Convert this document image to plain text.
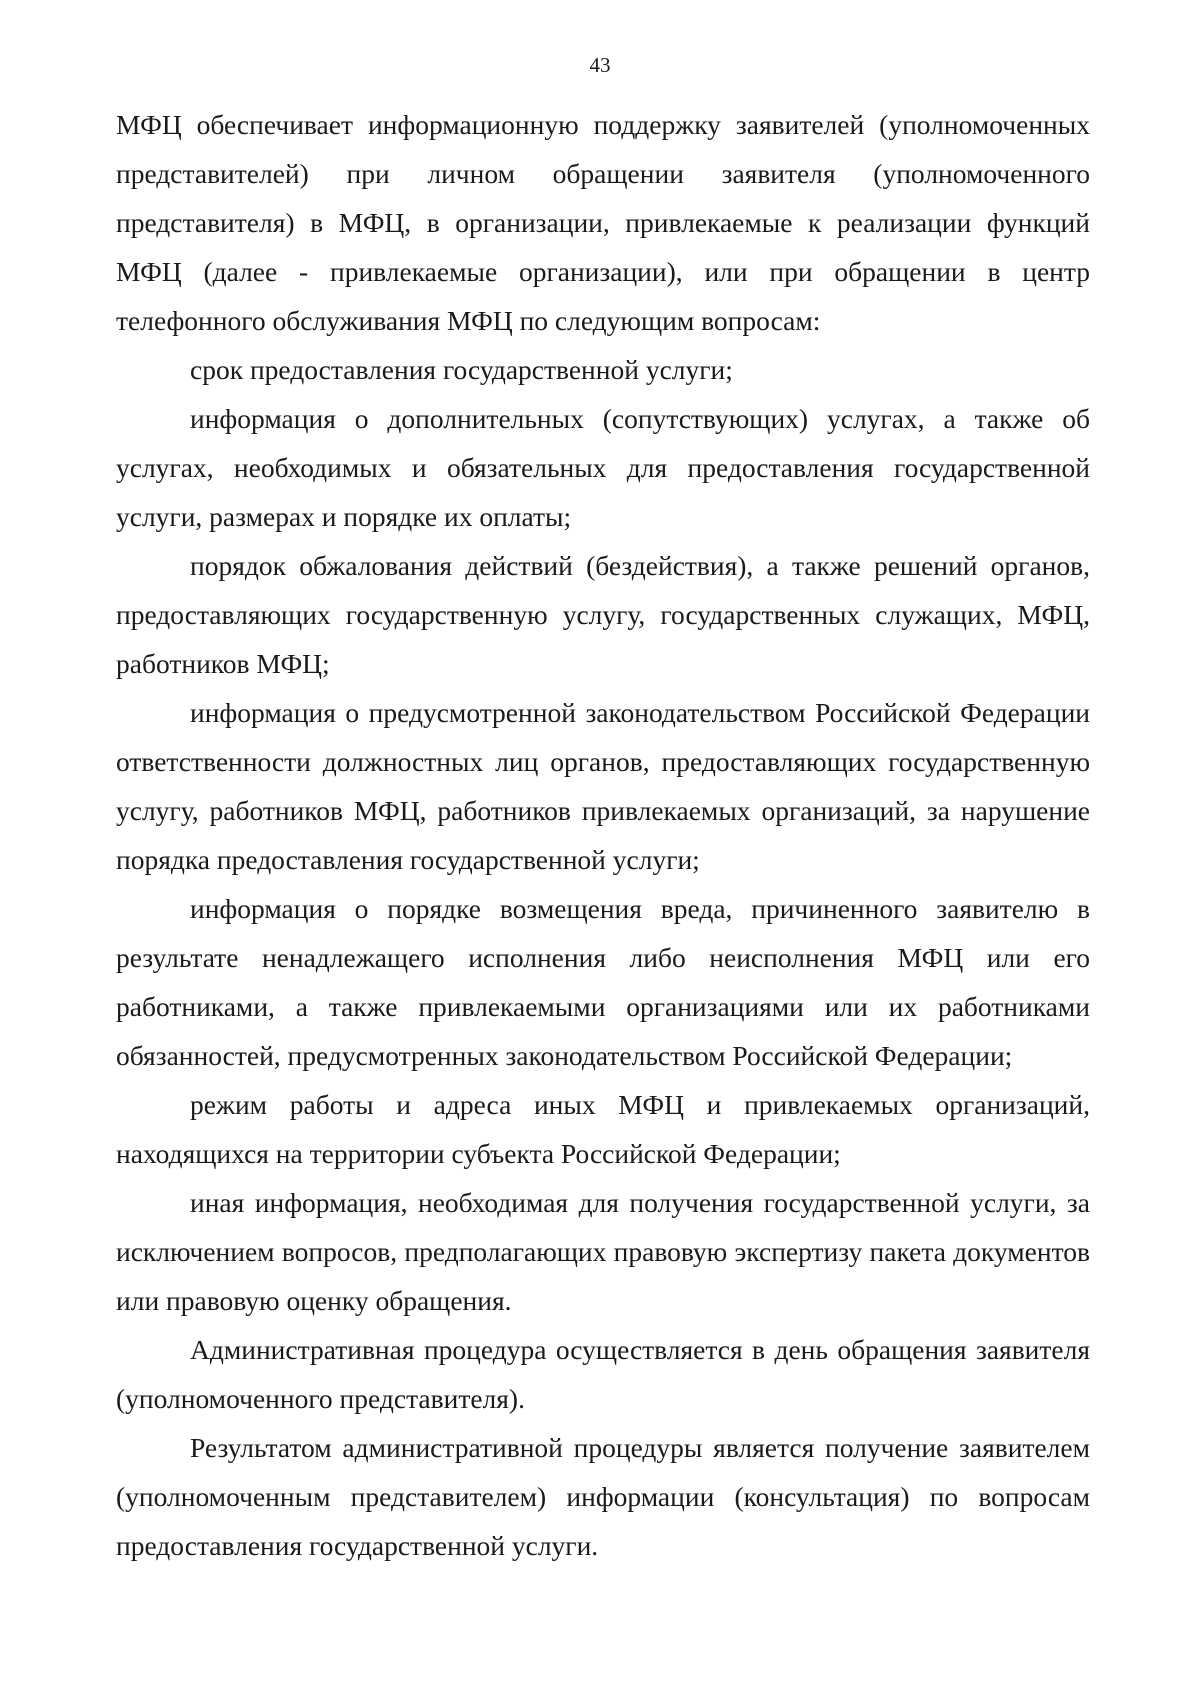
43

МФЦ обеспечивает информационную поддержку заявителей (уполномоченных представителей) при личном обращении заявителя (уполномоченного представителя) в МФЦ, в организации, привлекаемые к реализации функций МФЦ (далее - привлекаемые организации), или при обращении в центр телефонного обслуживания МФЦ по следующим вопросам:

срок предоставления государственной услуги;

информация о дополнительных (сопутствующих) услугах, а также об услугах, необходимых и обязательных для предоставления государственной услуги, размерах и порядке их оплаты;

порядок обжалования действий (бездействия), а также решений органов, предоставляющих государственную услугу, государственных служащих, МФЦ, работников МФЦ;

информация о предусмотренной законодательством Российской Федерации ответственности должностных лиц органов, предоставляющих государственную услугу, работников МФЦ, работников привлекаемых организаций, за нарушение порядка предоставления государственной услуги;

информация о порядке возмещения вреда, причиненного заявителю в результате ненадлежащего исполнения либо неисполнения МФЦ или его работниками, а также привлекаемыми организациями или их работниками обязанностей, предусмотренных законодательством Российской Федерации;

режим работы и адреса иных МФЦ и привлекаемых организаций, находящихся на территории субъекта Российской Федерации;

иная информация, необходимая для получения государственной услуги, за исключением вопросов, предполагающих правовую экспертизу пакета документов или правовую оценку обращения.

Административная процедура осуществляется в день обращения заявителя (уполномоченного представителя).

Результатом административной процедуры является получение заявителем (уполномоченным представителем) информации (консультация) по вопросам предоставления государственной услуги.
